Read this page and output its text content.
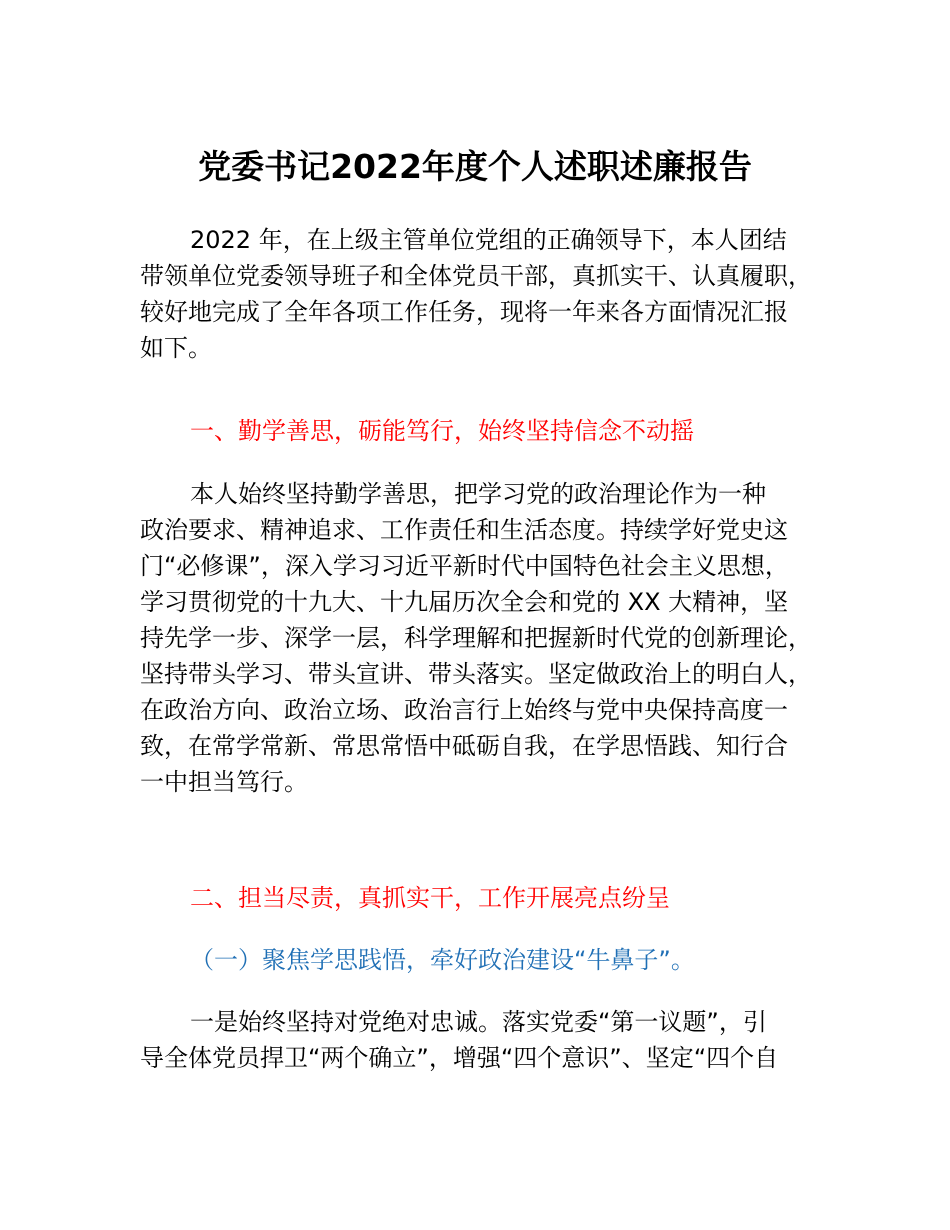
党委书记2022年度个人述职述廉报告
2022 年，在上级主管单位党组的正确领导下，本人团结
带领单位党委领导班子和全体党员干部，真抓实干、认真履职，
较好地完成了全年各项工作任务，现将一年来各方面情况汇报
如下。
一、勤学善思，砺能笃行，始终坚持信念不动摇
本人始终坚持勤学善思，把学习党的政治理论作为一种
政治要求、精神追求、工作责任和生活态度。持续学好党史这
门“必修课”，深入学习习近平新时代中国特色社会主义思想，
学习贯彻党的十九大、十九届历次全会和党的 XX 大精神，坚
持先学一步、深学一层，科学理解和把握新时代党的创新理论，
坚持带头学习、带头宣讲、带头落实。坚定做政治上的明白人，
在政治方向、政治立场、政治言行上始终与党中央保持高度一
致，在常学常新、常思常悟中砥砺自我，在学思悟践、知行合
一中担当笃行。
二、担当尽责，真抓实干，工作开展亮点纷呈
（一）聚焦学思践悟，牵好政治建设“牛鼻子”。
一是始终坚持对党绝对忠诚。落实党委“第一议题”，引
导全体党员捍卫“两个确立”，增强“四个意识”、坚定“四个自
